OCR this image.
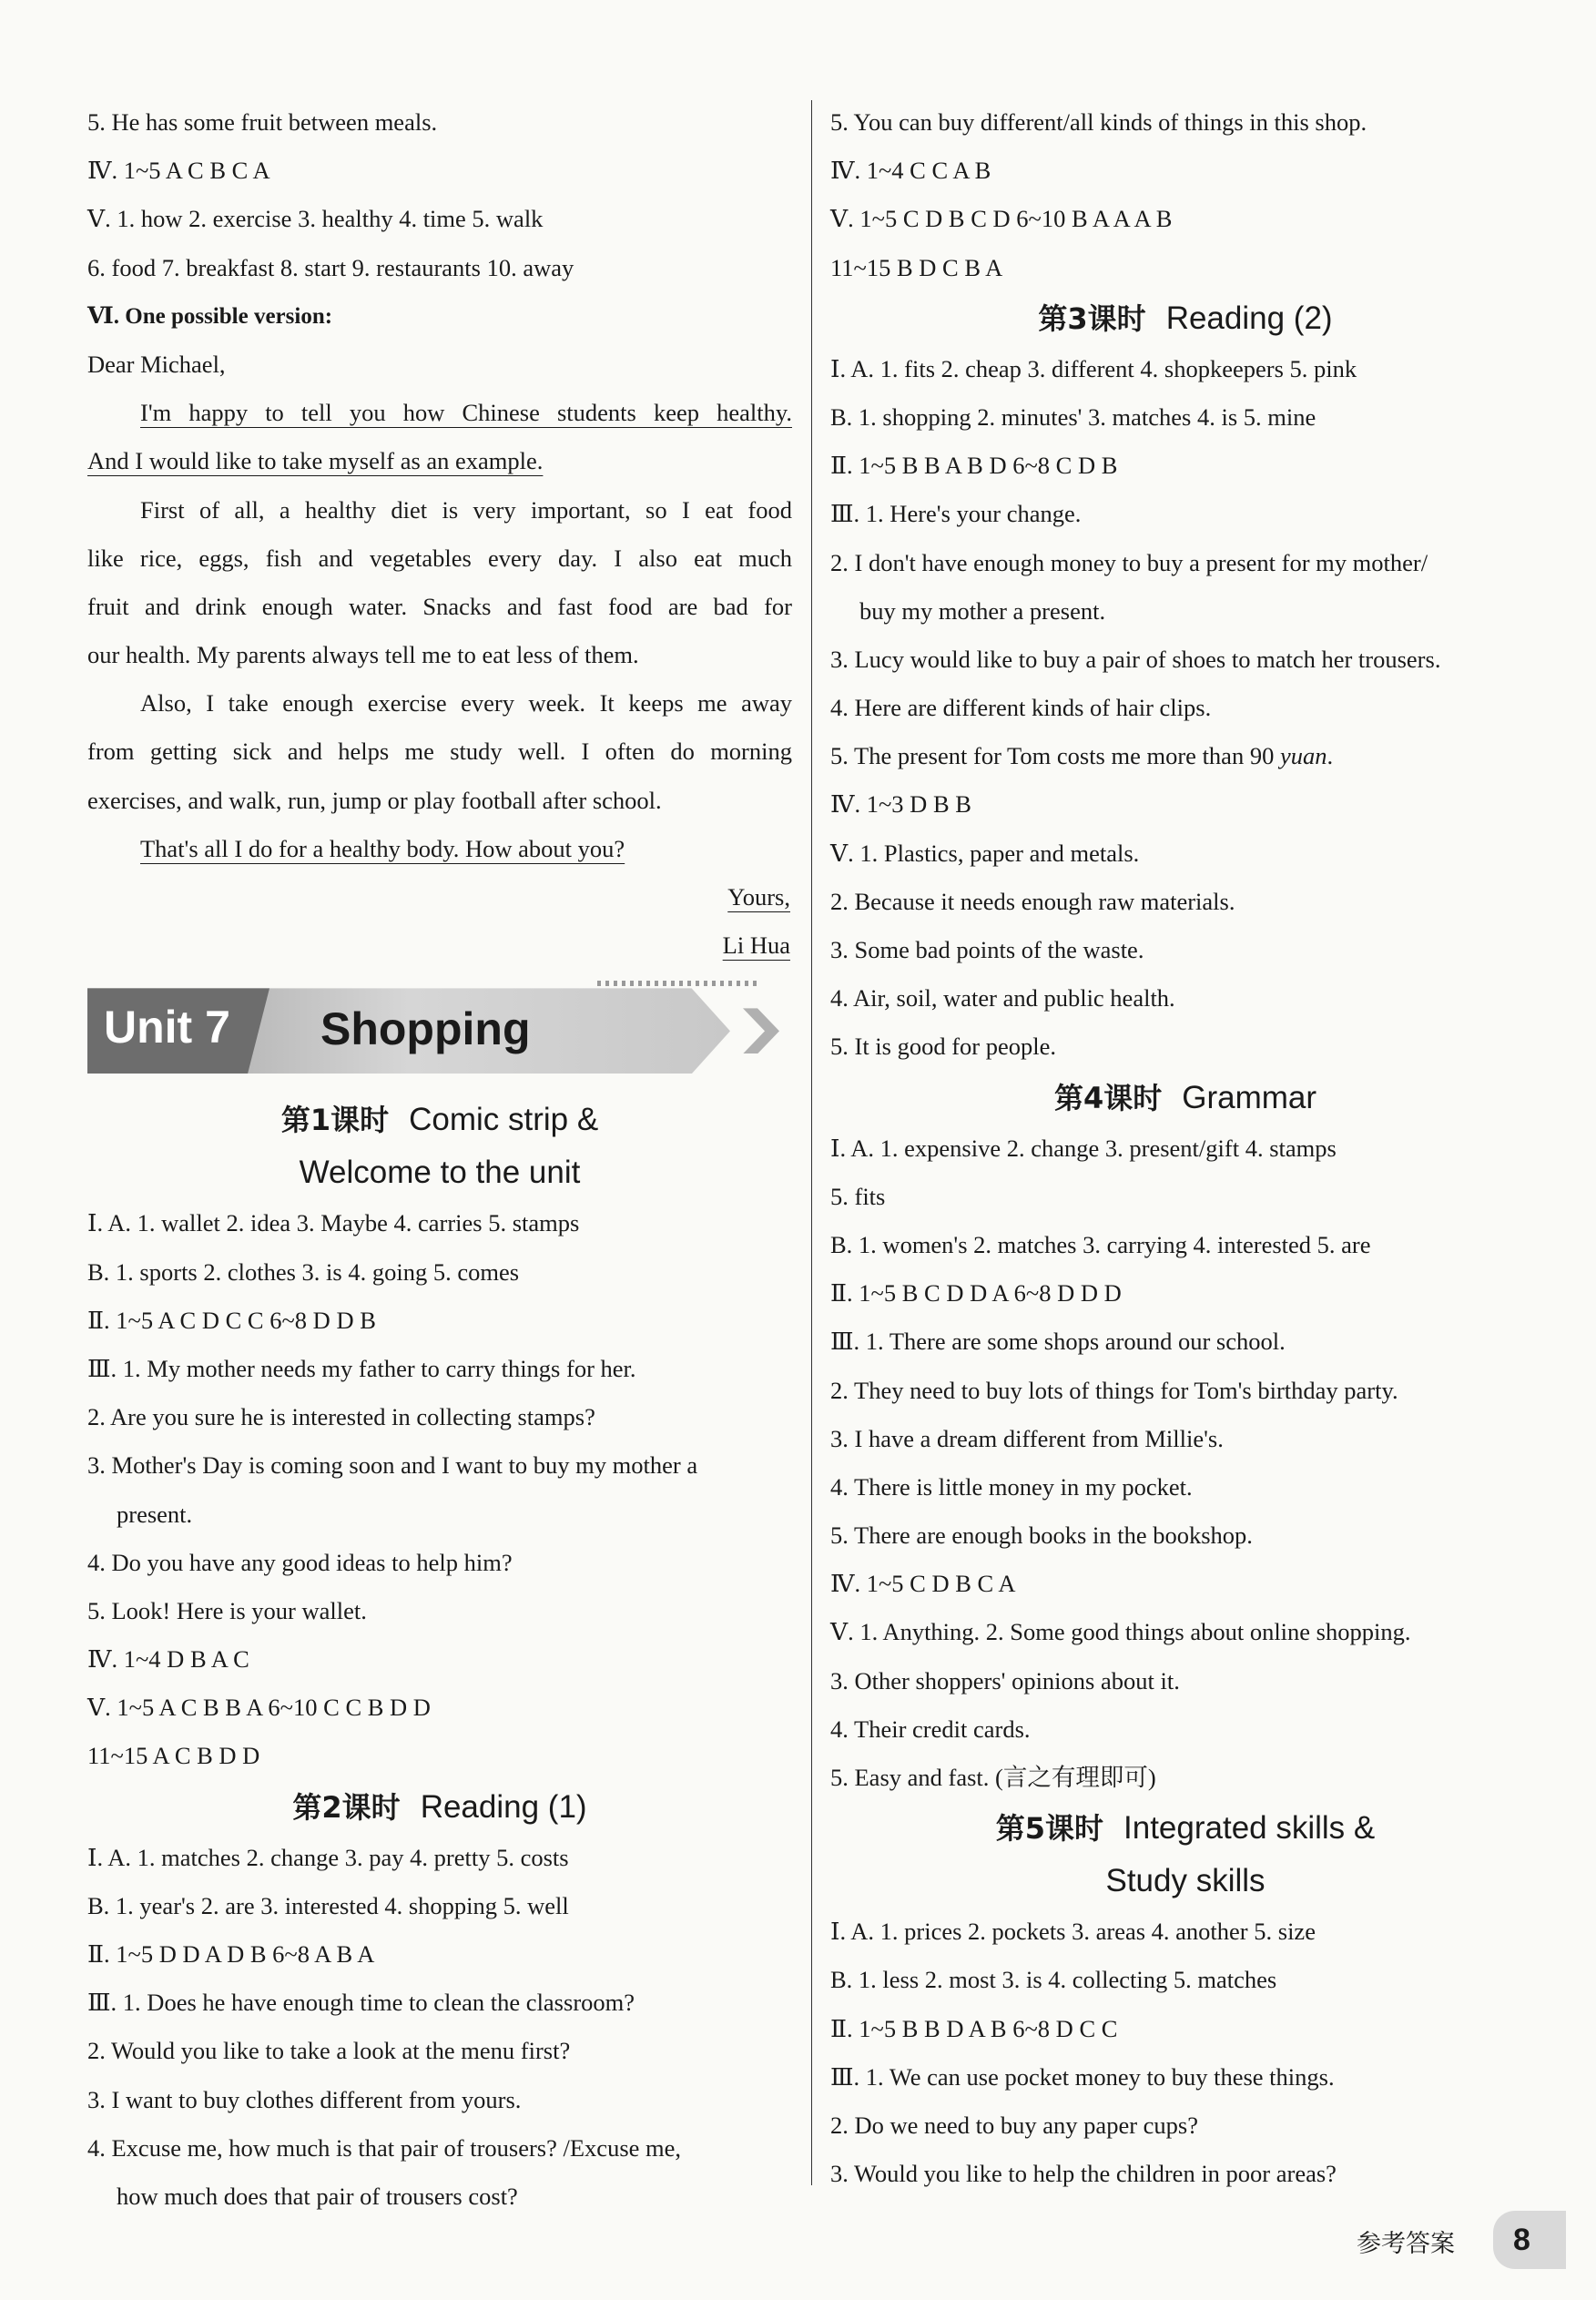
5. He has some fruit between meals.
Ⅳ. 1~5 A C B C A
Ⅴ. 1. how 2. exercise 3. healthy 4. time 5. walk
6. food 7. breakfast 8. start 9. restaurants 10. away
Ⅵ. One possible version:
Dear Michael,
I'm happy to tell you how Chinese students keep healthy.
And I would like to take myself as an example.
First of all, a healthy diet is very important, so I eat food
like rice, eggs, fish and vegetables every day. I also eat much
fruit and drink enough water. Snacks and fast food are bad for
our health. My parents always tell me to eat less of them.
Also, I take enough exercise every week. It keeps me away
from getting sick and helps me study well. I often do morning
exercises, and walk, run, jump or play football after school.
That's all I do for a healthy body. How about you?
Yours,
Li Hua
Unit 7 Shopping
第1课时 Comic strip &
Welcome to the unit
Ⅰ. A. 1. wallet 2. idea 3. Maybe 4. carries 5. stamps
B. 1. sports 2. clothes 3. is 4. going 5. comes
Ⅱ. 1~5 A C D C C 6~8 D D B
Ⅲ. 1. My mother needs my father to carry things for her.
2. Are you sure he is interested in collecting stamps?
3. Mother's Day is coming soon and I want to buy my mother a
present.
4. Do you have any good ideas to help him?
5. Look! Here is your wallet.
Ⅳ. 1~4 D B A C
Ⅴ. 1~5 A C B B A 6~10 C C B D D
11~15 A C B D D
第2课时 Reading (1)
Ⅰ. A. 1. matches 2. change 3. pay 4. pretty 5. costs
B. 1. year's 2. are 3. interested 4. shopping 5. well
Ⅱ. 1~5 D D A D B 6~8 A B A
Ⅲ. 1. Does he have enough time to clean the classroom?
2. Would you like to take a look at the menu first?
3. I want to buy clothes different from yours.
4. Excuse me, how much is that pair of trousers? /Excuse me,
how much does that pair of trousers cost?
5. You can buy different/all kinds of things in this shop.
Ⅳ. 1~4 C C A B
Ⅴ. 1~5 C D B C D 6~10 B A A A B
11~15 B D C B A
第3课时 Reading (2)
Ⅰ. A. 1. fits 2. cheap 3. different 4. shopkeepers 5. pink
B. 1. shopping 2. minutes' 3. matches 4. is 5. mine
Ⅱ. 1~5 B B A B D 6~8 C D B
Ⅲ. 1. Here's your change.
2. I don't have enough money to buy a present for my mother/
buy my mother a present.
3. Lucy would like to buy a pair of shoes to match her trousers.
4. Here are different kinds of hair clips.
5. The present for Tom costs me more than 90 yuan.
Ⅳ. 1~3 D B B
Ⅴ. 1. Plastics, paper and metals.
2. Because it needs enough raw materials.
3. Some bad points of the waste.
4. Air, soil, water and public health.
5. It is good for people.
第4课时 Grammar
Ⅰ. A. 1. expensive 2. change 3. present/gift 4. stamps
5. fits
B. 1. women's 2. matches 3. carrying 4. interested 5. are
Ⅱ. 1~5 B C D D A 6~8 D D D
Ⅲ. 1. There are some shops around our school.
2. They need to buy lots of things for Tom's birthday party.
3. I have a dream different from Millie's.
4. There is little money in my pocket.
5. There are enough books in the bookshop.
Ⅳ. 1~5 C D B C A
Ⅴ. 1. Anything. 2. Some good things about online shopping.
3. Other shoppers' opinions about it.
4. Their credit cards.
5. Easy and fast. (言之有理即可)
第5课时 Integrated skills &
Study skills
Ⅰ. A. 1. prices 2. pockets 3. areas 4. another 5. size
B. 1. less 2. most 3. is 4. collecting 5. matches
Ⅱ. 1~5 B B D A B 6~8 D C C
Ⅲ. 1. We can use pocket money to buy these things.
2. Do we need to buy any paper cups?
3. Would you like to help the children in poor areas?
参考答案	8
